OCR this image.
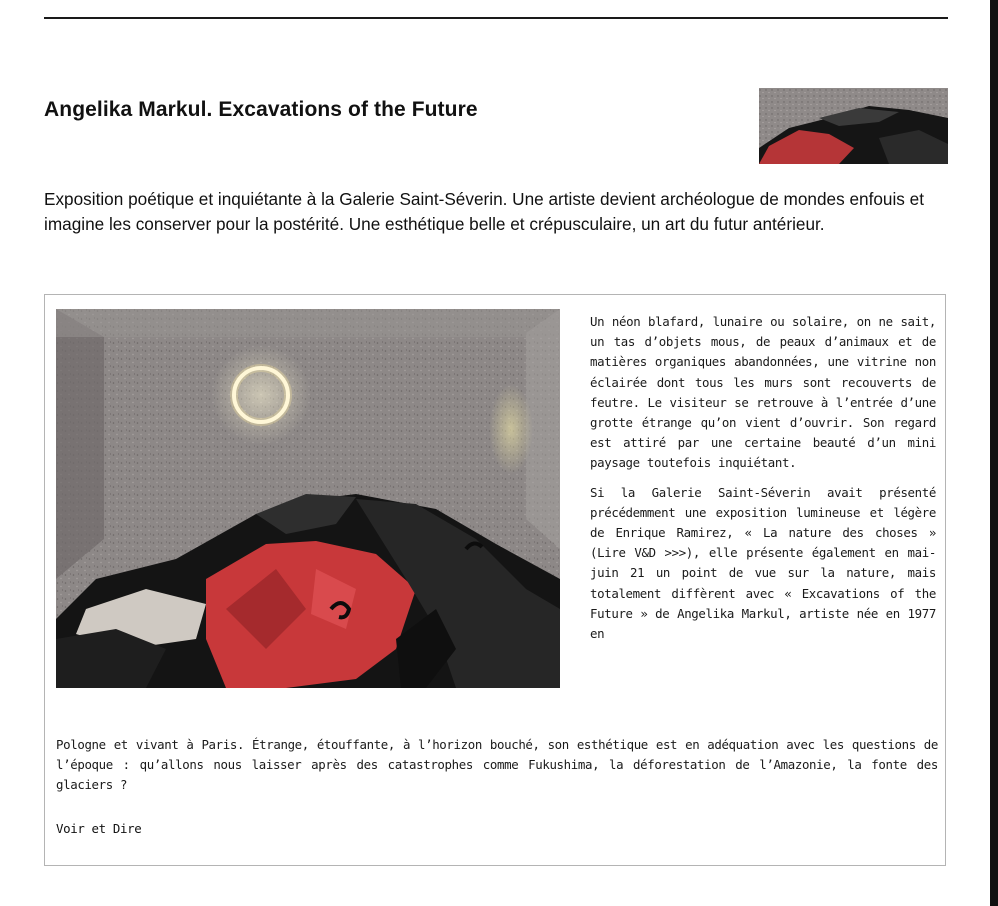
Angelika Markul. Excavations of the Future

Exposition poétique et inquiétante à la Galerie Saint-Séverin. Une artiste devient archéologue de mondes enfouis et imagine les conserver pour la postérité. Une esthétique belle et crépusculaire, un art du futur antérieur.

Un néon blafard, lunaire ou solaire, on ne sait, un tas d’objets mous, de peaux d’animaux et de matières organiques abandonnées, une vitrine non éclairée dont tous les murs sont recouverts de feutre. Le visiteur se retrouve à l’entrée d’une grotte étrange qu’on vient d’ouvrir. Son regard est attiré par une certaine beauté d’un mini paysage toutefois inquiétant.

Si la Galerie Saint-Séverin avait présenté précédemment une exposition lumineuse et légère de Enrique Ramirez, « La nature des choses » (Lire V&D >>>), elle présente également en mai-juin 21 un point de vue sur la nature, mais totalement diffèrent avec « Excavations of the Future » de Angelika Markul, artiste née en 1977 en

Pologne et vivant à Paris. Étrange, étouffante, à l’horizon bouché, son esthétique est en adéquation avec les questions de l’époque : qu’allons nous laisser après des catastrophes comme Fukushima, la déforestation de l’Amazonie, la fonte des glaciers ?

Voir et Dire
